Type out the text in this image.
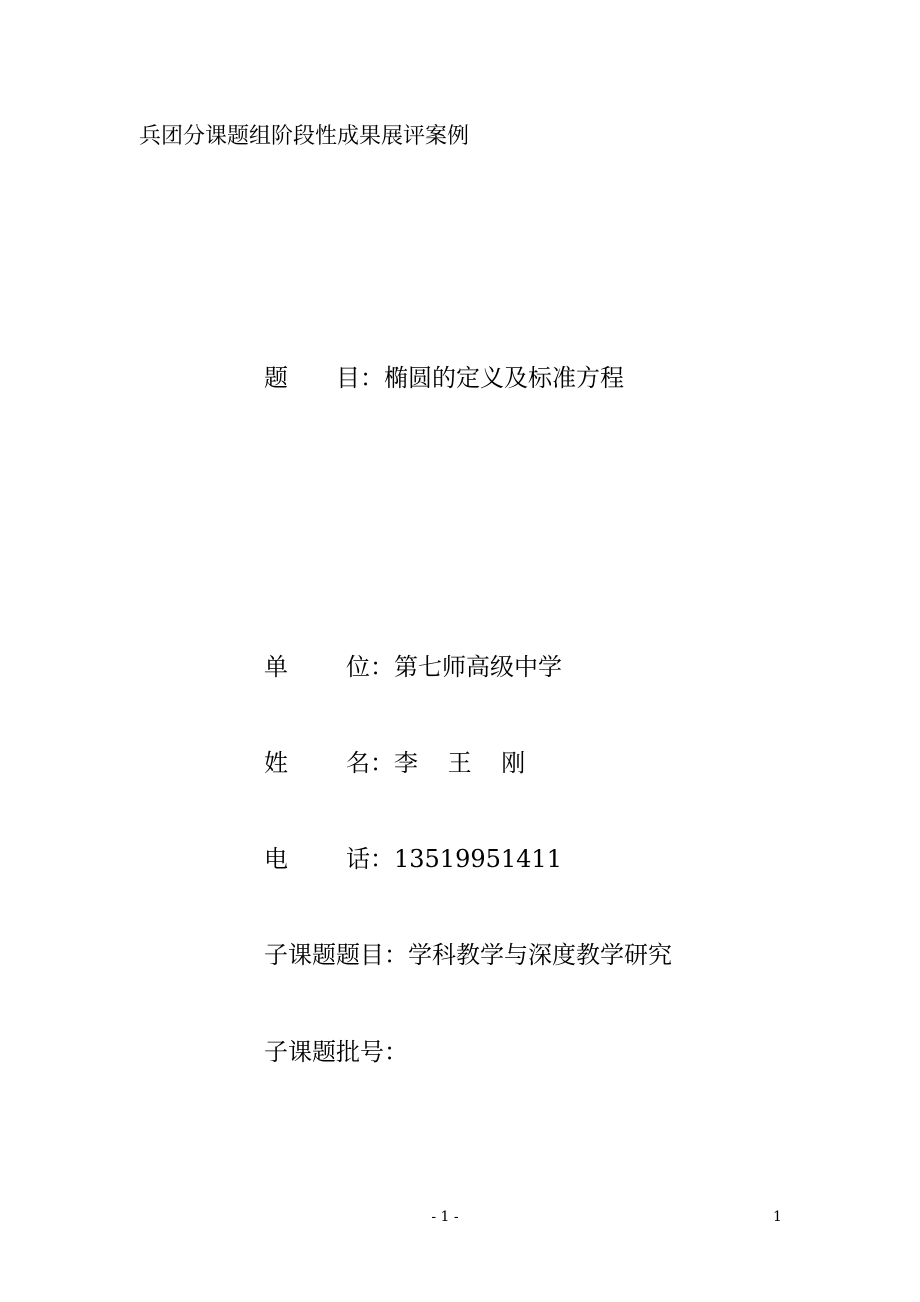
兵团分课题组阶段性成果展评案例
题	目 ： 椭圆的定义及标准方程
单	位 ： 第七师高级中学
姓	名 ： 李 王 刚
电	话 ： 13519951411
子课题题目 ： 学科教学与深度教学研究
子课题批号 ：
- 1 -	1
